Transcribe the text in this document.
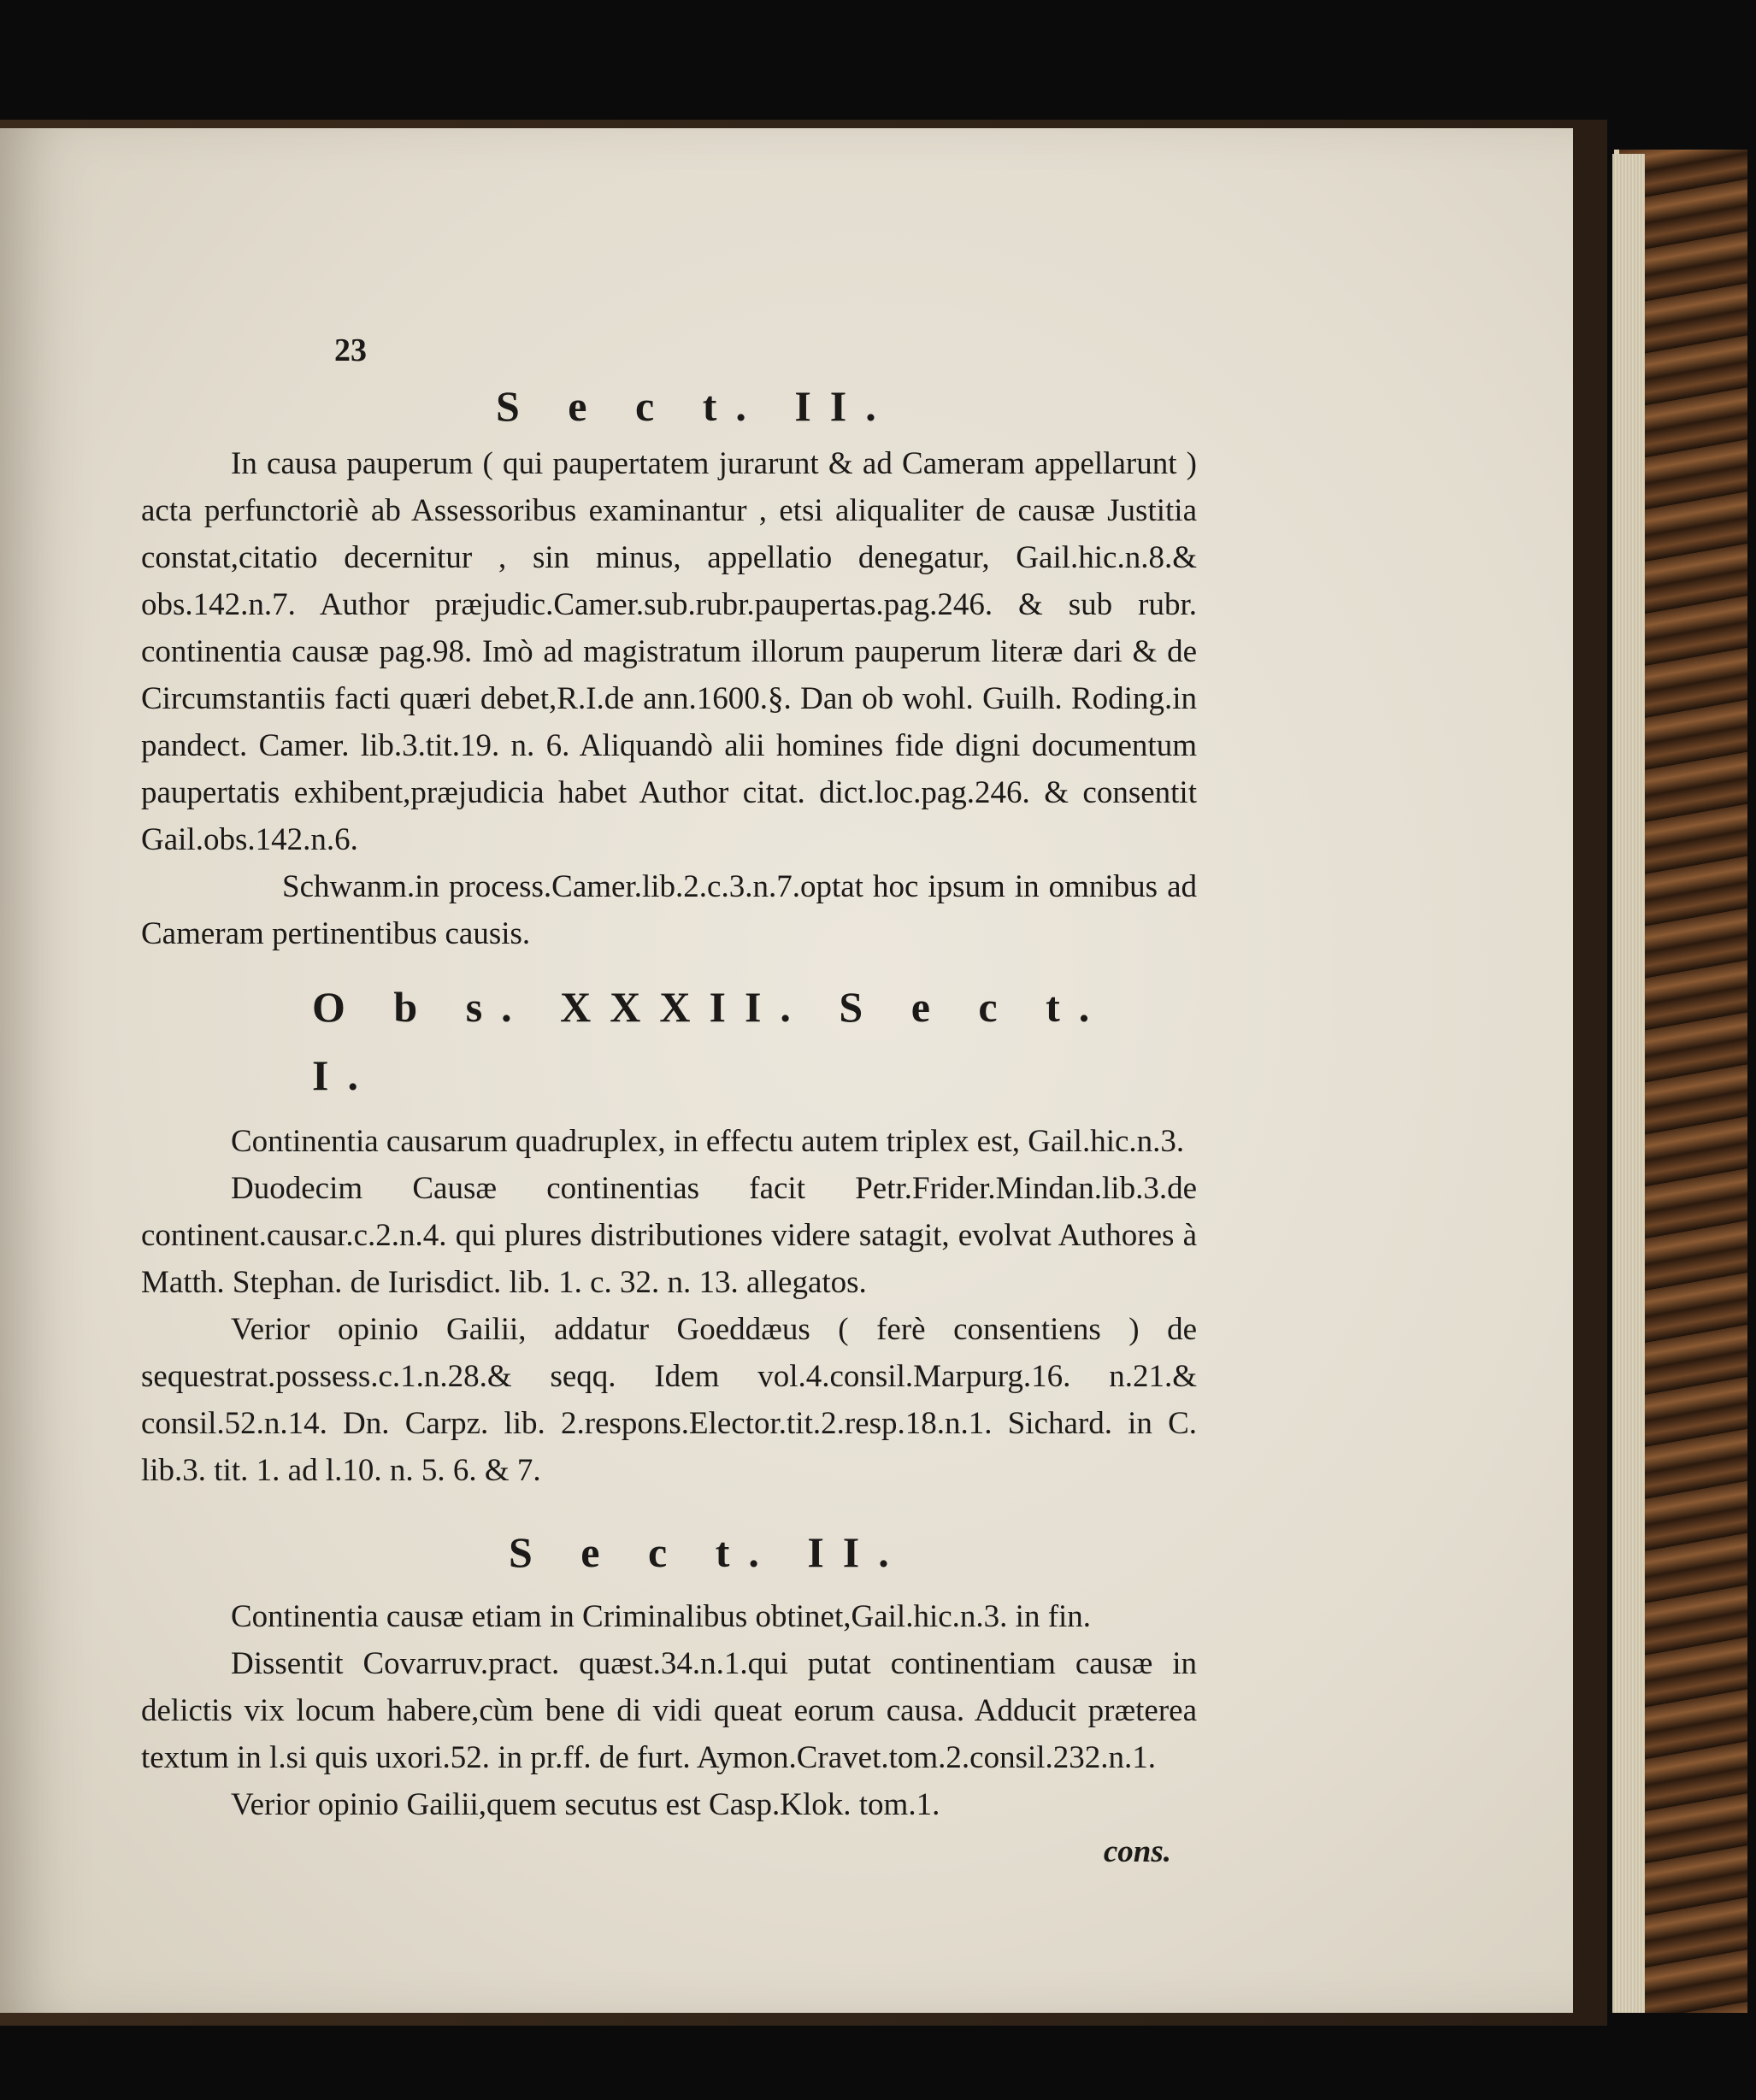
23
S e c t. II.

In causa pauperum ( qui paupertatem jurarunt & ad Cameram appellarunt ) acta perfunctoriè ab Assessoribus examinantur , etsi aliqualiter de causæ Justitia constat,citatio decernitur , sin minus, appellatio denegatur, Gail.hic.n.8.& obs.142.n.7. Author præjudic.Camer.sub.rubr.paupertas.pag.246. & sub rubr. continentia causæ pag.98. Imò ad magistratum illorum pauperum literæ dari & de Circumstantiis facti quæri debet,R.I.de ann.1600.§. Dan ob wohl. Guilh. Roding.in pandect. Camer. lib.3.tit.19. n. 6. Aliquandò alii homines fide digni documentum paupertatis exhibent,præjudicia habet Author citat. dict.loc.pag.246. & consentit Gail.obs.142.n.6.

Schwanm.in process.Camer.lib.2.c.3.n.7.optat hoc ipsum in omnibus ad Cameram pertinentibus causis.

O b s. XXXII. S e c t. I.

Continentia causarum quadruplex, in effectu autem triplex est, Gail.hic.n.3.

Duodecim Causæ continentias facit Petr.Frider.Mindan.lib.3.de continent.causar.c.2.n.4. qui plures distributiones videre satagit, evolvat Authores à Matth. Stephan. de Iurisdict. lib. 1. c. 32. n. 13. allegatos.

Verior opinio Gailii, addatur Goeddæus ( ferè consentiens ) de sequestrat.possess.c.1.n.28.& seqq. Idem vol.4.consil.Marpurg.16. n.21.& consil.52.n.14. Dn. Carpz. lib. 2.respons.Elector.tit.2.resp.18.n.1. Sichard. in C. lib.3. tit. 1. ad l.10. n. 5. 6. & 7.

S e c t. II.

Continentia causæ etiam in Criminalibus obtinet,Gail.hic.n.3. in fin.

Dissentit Covarruv.pract. quæst.34.n.1.qui putat continentiam causæ in delictis vix locum habere,cùm bene di vidi queat eorum causa. Adducit præterea textum in l.si quis uxori.52. in pr.ff. de furt. Aymon.Cravet.tom.2.consil.232.n.1.

Verior opinio Gailii,quem secutus est Casp.Klok. tom.1.

cons.
